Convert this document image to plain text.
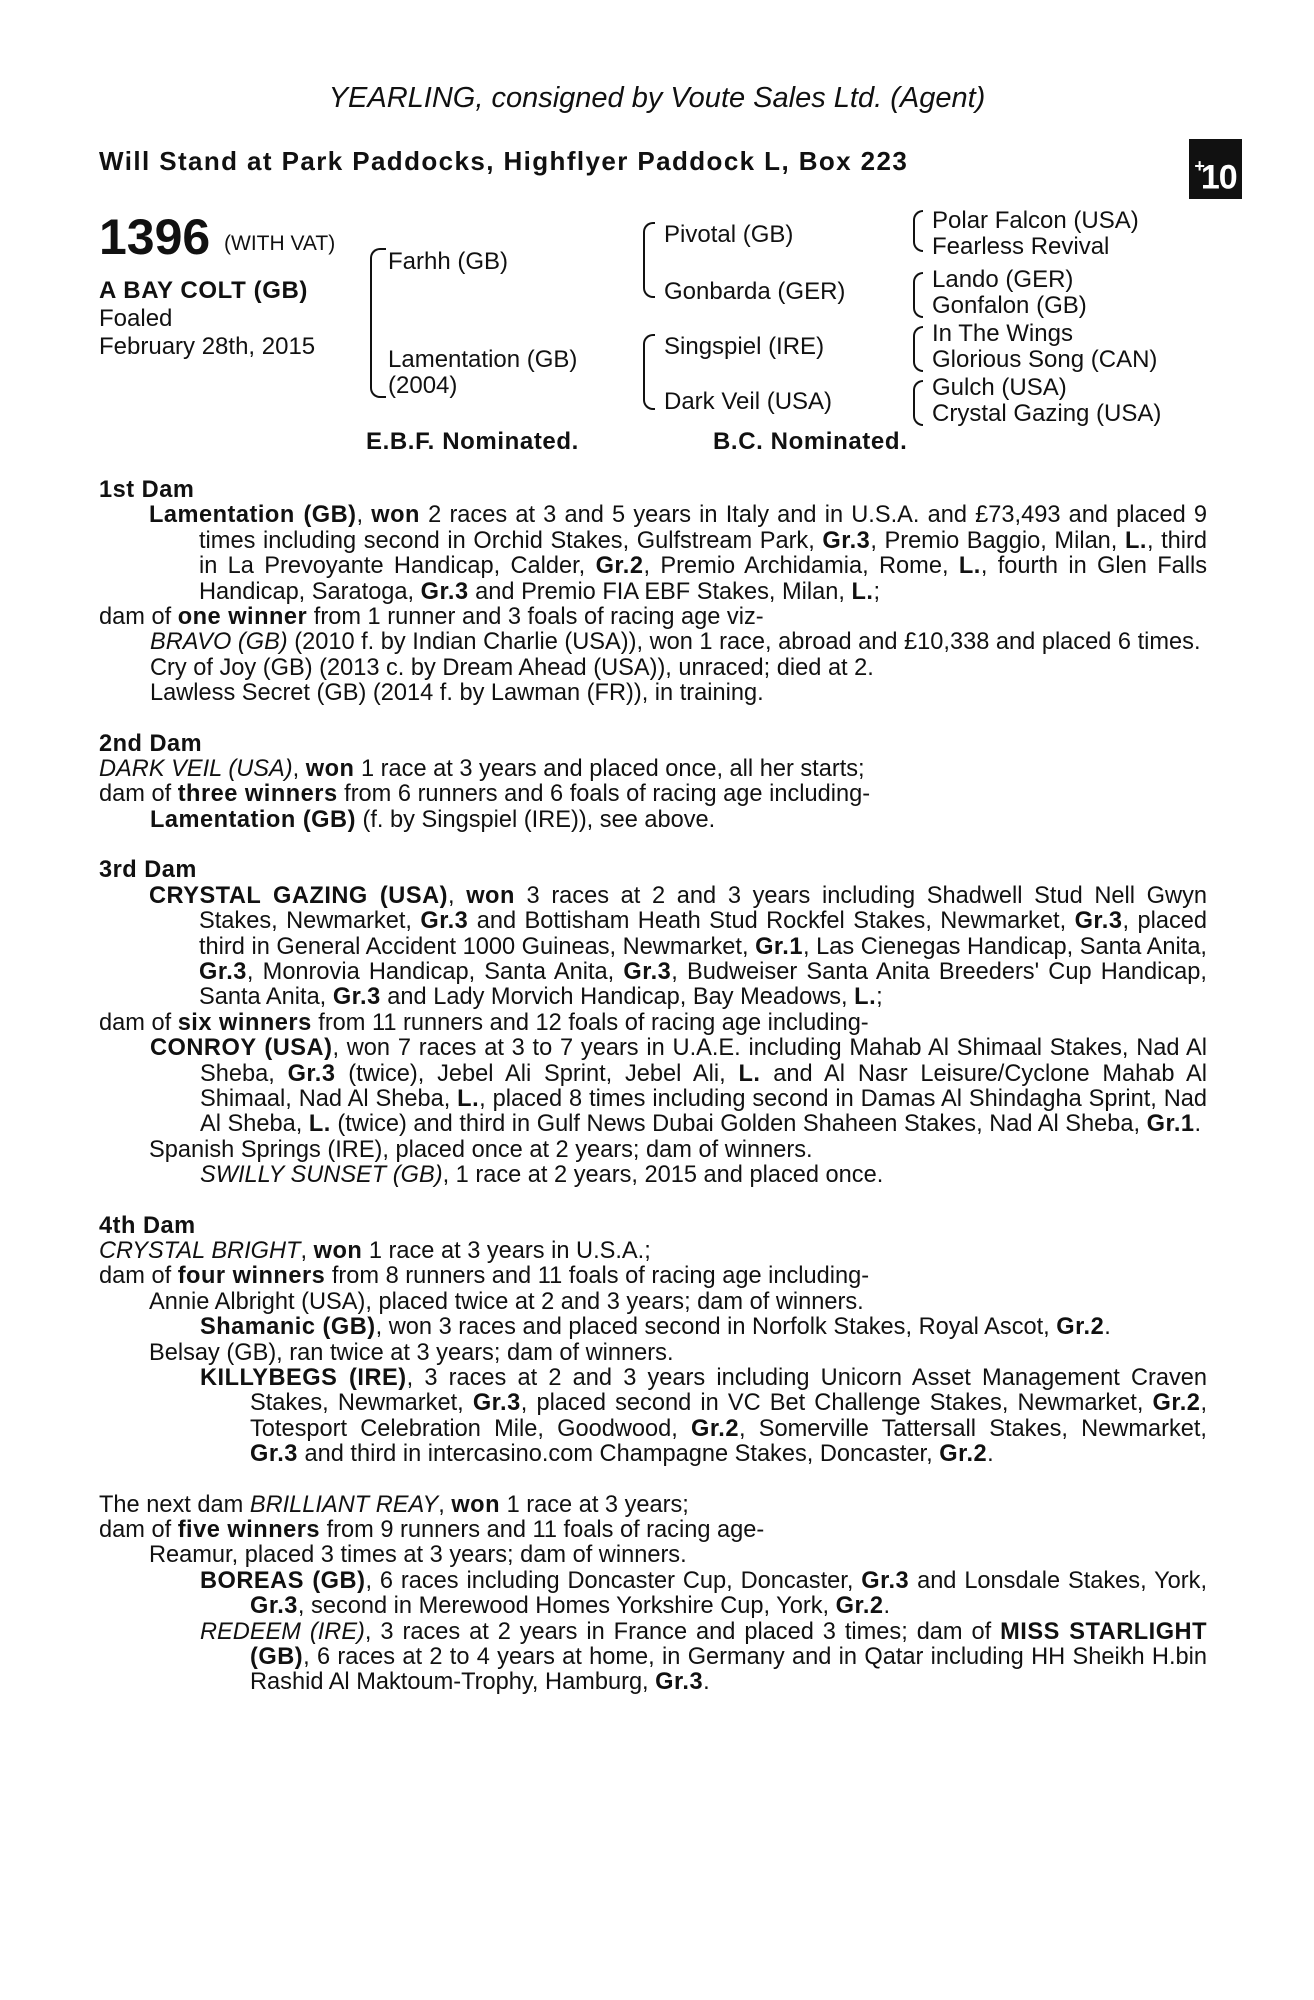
YEARLING, consigned by Voute Sales Ltd. (Agent)
Will Stand at Park Paddocks, Highflyer Paddock L, Box 223	+10
1396 (WITH VAT)
A BAY COLT (GB)
Foaled
February 28th, 2015
Farhh (GB)
Lamentation (GB)
(2004)
Pivotal (GB)
Gonbarda (GER)
Singspiel (IRE)
Dark Veil (USA)
Polar Falcon (USA)
Fearless Revival
Lando (GER)
Gonfalon (GB)
In The Wings
Glorious Song (CAN)
Gulch (USA)
Crystal Gazing (USA)
E.B.F. Nominated.	B.C. Nominated.

1st Dam

Lamentation (GB), won 2 races at 3 and 5 years in Italy and in U.S.A. and £73,493 and placed 9 times including second in Orchid Stakes, Gulfstream Park, Gr.3, Premio Baggio, Milan, L., third in La Prevoyante Handicap, Calder, Gr.2, Premio Archidamia, Rome, L., fourth in Glen Falls Handicap, Saratoga, Gr.3 and Premio FIA EBF Stakes, Milan, L.;

dam of one winner from 1 runner and 3 foals of racing age viz-

BRAVO (GB) (2010 f. by Indian Charlie (USA)), won 1 race, abroad and £10,338 and placed 6 times.

Cry of Joy (GB) (2013 c. by Dream Ahead (USA)), unraced; died at 2.

Lawless Secret (GB) (2014 f. by Lawman (FR)), in training.

2nd Dam

DARK VEIL (USA), won 1 race at 3 years and placed once, all her starts;

dam of three winners from 6 runners and 6 foals of racing age including-

Lamentation (GB) (f. by Singspiel (IRE)), see above.

3rd Dam

CRYSTAL GAZING (USA), won 3 races at 2 and 3 years including Shadwell Stud Nell Gwyn Stakes, Newmarket, Gr.3 and Bottisham Heath Stud Rockfel Stakes, Newmarket, Gr.3, placed third in General Accident 1000 Guineas, Newmarket, Gr.1, Las Cienegas Handicap, Santa Anita, Gr.3, Monrovia Handicap, Santa Anita, Gr.3, Budweiser Santa Anita Breeders' Cup Handicap, Santa Anita, Gr.3 and Lady Morvich Handicap, Bay Meadows, L.;

dam of six winners from 11 runners and 12 foals of racing age including-

CONROY (USA), won 7 races at 3 to 7 years in U.A.E. including Mahab Al Shimaal Stakes, Nad Al Sheba, Gr.3 (twice), Jebel Ali Sprint, Jebel Ali, L. and Al Nasr Leisure/Cyclone Mahab Al Shimaal, Nad Al Sheba, L., placed 8 times including second in Damas Al Shindagha Sprint, Nad Al Sheba, L. (twice) and third in Gulf News Dubai Golden Shaheen Stakes, Nad Al Sheba, Gr.1.

Spanish Springs (IRE), placed once at 2 years; dam of winners.

SWILLY SUNSET (GB), 1 race at 2 years, 2015 and placed once.

4th Dam

CRYSTAL BRIGHT, won 1 race at 3 years in U.S.A.;

dam of four winners from 8 runners and 11 foals of racing age including-

Annie Albright (USA), placed twice at 2 and 3 years; dam of winners.

Shamanic (GB), won 3 races and placed second in Norfolk Stakes, Royal Ascot, Gr.2.

Belsay (GB), ran twice at 3 years; dam of winners.

KILLYBEGS (IRE), 3 races at 2 and 3 years including Unicorn Asset Management Craven Stakes, Newmarket, Gr.3, placed second in VC Bet Challenge Stakes, Newmarket, Gr.2, Totesport Celebration Mile, Goodwood, Gr.2, Somerville Tattersall Stakes, Newmarket, Gr.3 and third in intercasino.com Champagne Stakes, Doncaster, Gr.2.

The next dam BRILLIANT REAY, won 1 race at 3 years;

dam of five winners from 9 runners and 11 foals of racing age-

Reamur, placed 3 times at 3 years; dam of winners.

BOREAS (GB), 6 races including Doncaster Cup, Doncaster, Gr.3 and Lonsdale Stakes, York, Gr.3, second in Merewood Homes Yorkshire Cup, York, Gr.2.

REDEEM (IRE), 3 races at 2 years in France and placed 3 times; dam of MISS STARLIGHT (GB), 6 races at 2 to 4 years at home, in Germany and in Qatar including HH Sheikh H.bin Rashid Al Maktoum-Trophy, Hamburg, Gr.3.
